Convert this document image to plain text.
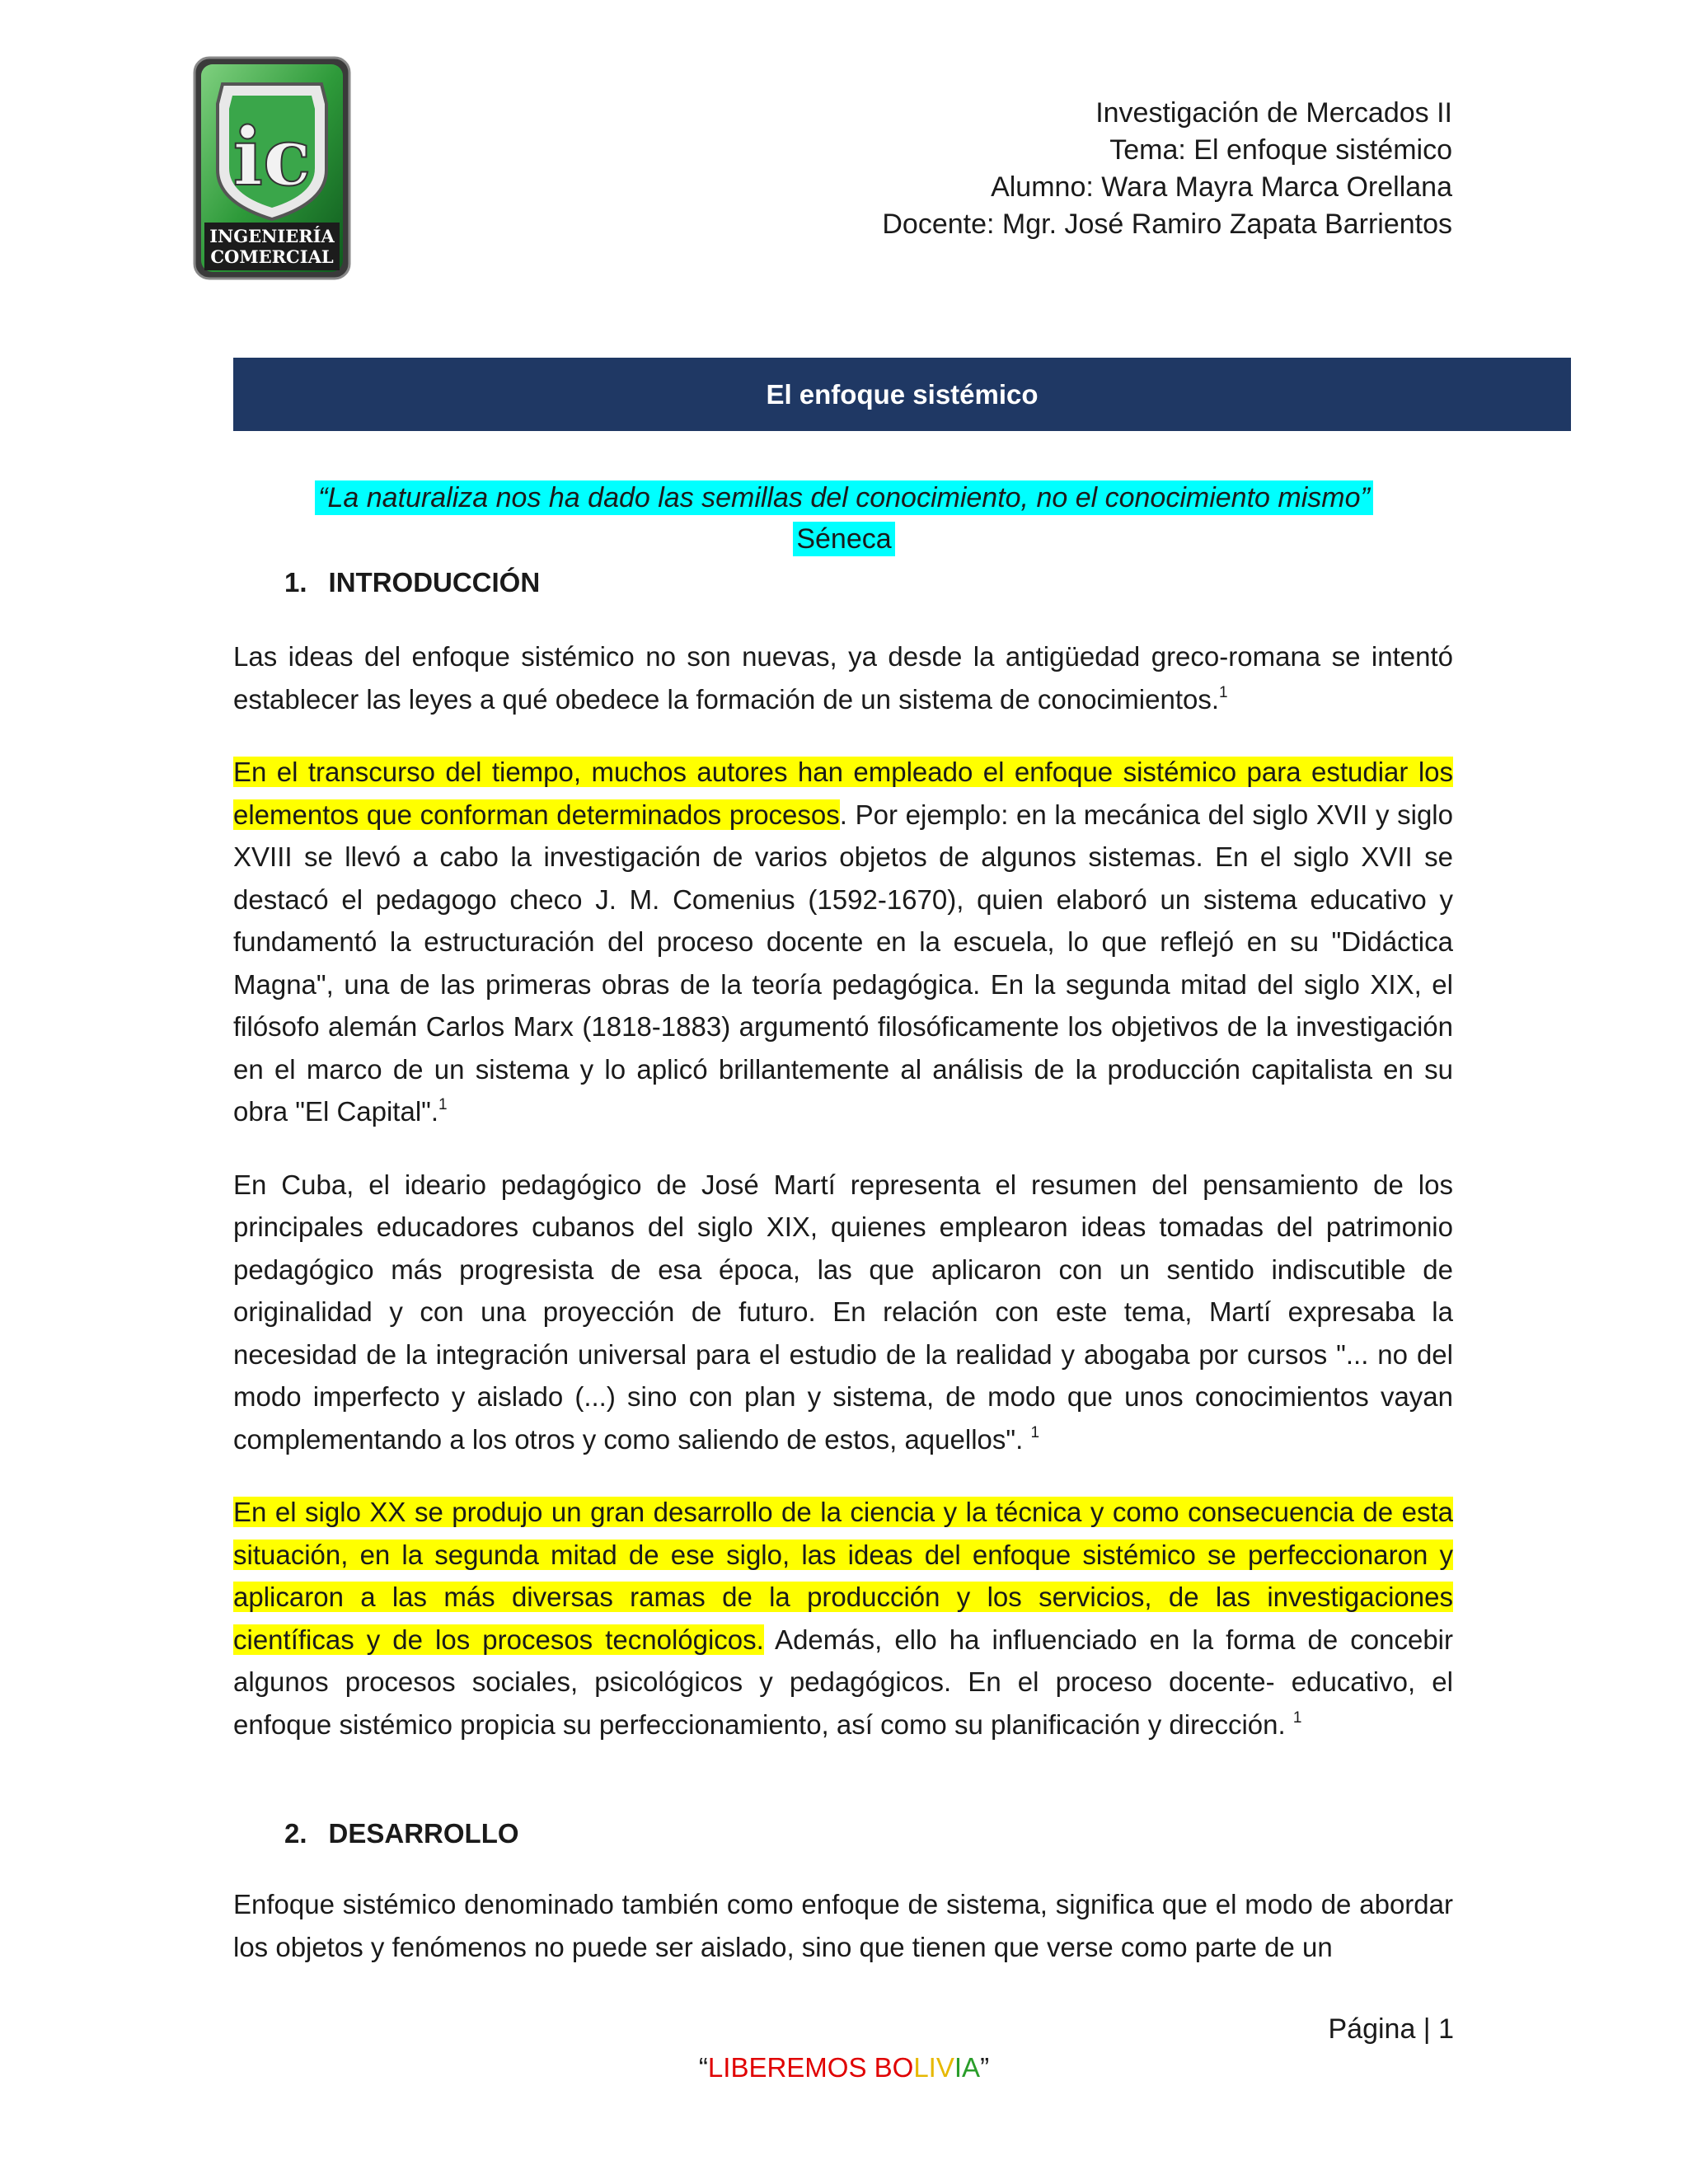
ic
INGENIERÍA
COMERCIAL
Investigación de Mercados II
Tema: El enfoque sistémico
Alumno: Wara Mayra Marca Orellana
Docente: Mgr. José Ramiro Zapata Barrientos
El enfoque sistémico
“La naturaliza nos ha dado las semillas del conocimiento, no el conocimiento mismo”
Séneca
1. INTRODUCCIÓN

Las ideas del enfoque sistémico no son nuevas, ya desde la antigüedad greco-romana se intentó establecer las leyes a qué obedece la formación de un sistema de conocimientos.$^1$

En el transcurso del tiempo, muchos autores han empleado el enfoque sistémico para estudiar los elementos que conforman determinados procesos. Por ejemplo: en la mecánica del siglo XVII y siglo XVIII se llevó a cabo la investigación de varios objetos de algunos sistemas. En el siglo XVII se destacó el pedagogo checo J. M. Comenius (1592-1670), quien elaboró un sistema educativo y fundamentó la estructuración del proceso docente en la escuela, lo que reflejó en su "Didáctica Magna", una de las primeras obras de la teoría pedagógica. En la segunda mitad del siglo XIX, el filósofo alemán Carlos Marx (1818-1883) argumentó filosóficamente los objetivos de la investigación en el marco de un sistema y lo aplicó brillantemente al análisis de la producción capitalista en su obra "El Capital".$^1$

En Cuba, el ideario pedagógico de José Martí representa el resumen del pensamiento de los principales educadores cubanos del siglo XIX, quienes emplearon ideas tomadas del patrimonio pedagógico más progresista de esa época, las que aplicaron con un sentido indiscutible de originalidad y con una proyección de futuro. En relación con este tema, Martí expresaba la necesidad de la integración universal para el estudio de la realidad y abogaba por cursos "... no del modo imperfecto y aislado (...) sino con plan y sistema, de modo que unos conocimientos vayan complementando a los otros y como saliendo de estos, aquellos". $^1$

En el siglo XX se produjo un gran desarrollo de la ciencia y la técnica y como consecuencia de esta situación, en la segunda mitad de ese siglo, las ideas del enfoque sistémico se perfeccionaron y aplicaron a las más diversas ramas de la producción y los servicios, de las investigaciones científicas y de los procesos tecnológicos. Además, ello ha influenciado en la forma de concebir algunos procesos sociales, psicológicos y pedagógicos. En el proceso docente- educativo, el enfoque sistémico propicia su perfeccionamiento, así como su planificación y dirección. $^1$

2. DESARROLLO

Enfoque sistémico denominado también como enfoque de sistema, significa que el modo de abordar los objetos y fenómenos no puede ser aislado, sino que tienen que verse como parte de un

Página | 1
“LIBEREMOS BOLIVIA”
